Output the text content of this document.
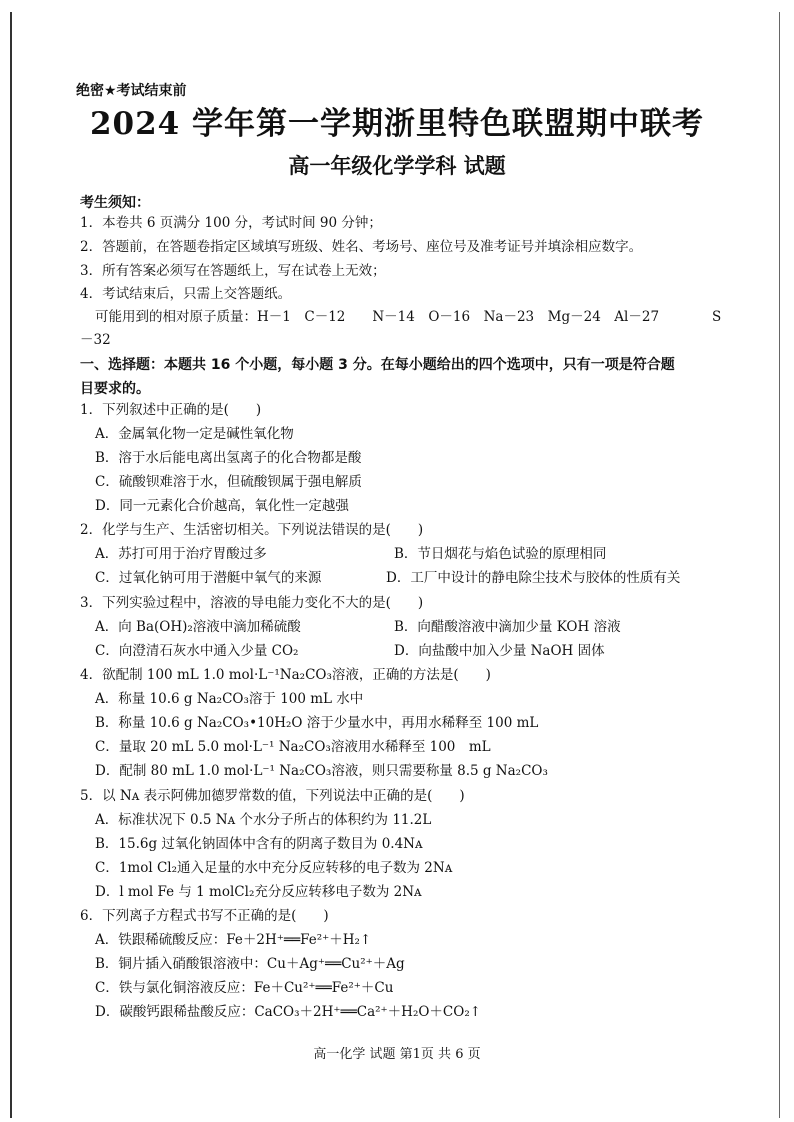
绝密★考试结束前
2024 学年第一学期浙里特色联盟期中联考
高一年级化学学科 试题
考生须知：
1．本卷共 6 页满分 100 分，考试时间 90 分钟；
2．答题前，在答题卷指定区域填写班级、姓名、考场号、座位号及准考证号并填涂相应数字。
3．所有答案必须写在答题纸上，写在试卷上无效；
4．考试结束后，只需上交答题纸。
可能用到的相对原子质量：H－1　C－12　　N－14　O－16　Na－23　Mg－24　Al－27	S
－32
一、选择题：本题共 16 个小题，每小题 3 分。在每小题给出的四个选项中，只有一项是符合题
目要求的。
1．下列叙述中正确的是(　　)
A．金属氧化物一定是碱性氧化物
B．溶于水后能电离出氢离子的化合物都是酸
C．硫酸钡难溶于水，但硫酸钡属于强电解质
D．同一元素化合价越高，氧化性一定越强
2．化学与生产、生活密切相关。下列说法错误的是(　　)
A．苏打可用于治疗胃酸过多	B．节日烟花与焰色试验的原理相同
C．过氧化钠可用于潜艇中氧气的来源	D．工厂中设计的静电除尘技术与胶体的性质有关
3．下列实验过程中，溶液的导电能力变化不大的是(　　)
A．向 Ba(OH)₂溶液中滴加稀硫酸	B．向醋酸溶液中滴加少量 KOH 溶液
C．向澄清石灰水中通入少量 CO₂	D．向盐酸中加入少量 NaOH 固体
4．欲配制 100 mL 1.0 mol·L⁻¹Na₂CO₃溶液，正确的方法是(　　)
A．称量 10.6 g Na₂CO₃溶于 100 mL 水中
B．称量 10.6 g Na₂CO₃•10H₂O 溶于少量水中，再用水稀释至 100 mL
C．量取 20 mL 5.0 mol·L⁻¹ Na₂CO₃溶液用水稀释至 100　mL
D．配制 80 mL 1.0 mol·L⁻¹ Na₂CO₃溶液，则只需要称量 8.5 g Na₂CO₃
5．以 Nᴀ 表示阿佛加德罗常数的值，下列说法中正确的是(　　)
A．标准状况下 0.5 Nᴀ 个水分子所占的体积约为 11.2L
B．15.6g 过氧化钠固体中含有的阴离子数目为 0.4Nᴀ
C．1mol Cl₂通入足量的水中充分反应转移的电子数为 2Nᴀ
D．l mol Fe 与 1 molCl₂充分反应转移电子数为 2Nᴀ
6．下列离子方程式书写不正确的是(　　)
A．铁跟稀硫酸反应：Fe＋2H⁺══Fe²⁺＋H₂↑
B．铜片插入硝酸银溶液中：Cu＋Ag⁺══Cu²⁺＋Ag
C．铁与氯化铜溶液反应：Fe＋Cu²⁺══Fe²⁺＋Cu
D．碳酸钙跟稀盐酸反应：CaCO₃＋2H⁺══Ca²⁺＋H₂O＋CO₂↑
高一化学 试题 第1页 共 6 页
